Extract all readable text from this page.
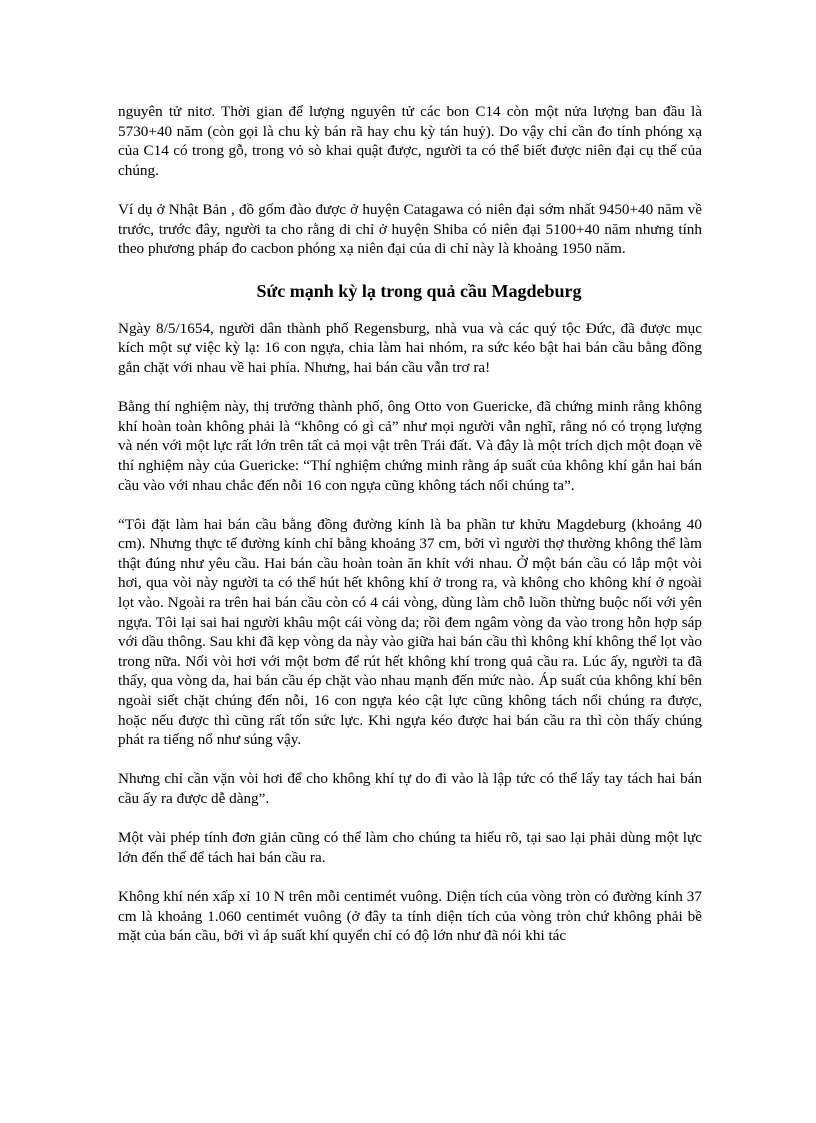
nguyên tử nitơ. Thời gian để lượng nguyên tử các bon C14 còn một nửa lượng ban đầu là 5730+40 năm (còn gọi là chu kỳ bán rã hay chu kỳ tán huỷ). Do vậy chỉ cần đo tính phóng xạ của C14 có trong gỗ, trong vỏ sò khai quật được, người ta có thể biết được niên đại cụ thể của chúng.

Ví dụ ở Nhật Bản , đồ gốm đào được ở huyện Catagawa có niên đại sớm nhất 9450+40 năm về trước, trước đây, người ta cho rằng di chỉ ở huyện Shiba có niên đại 5100+40 năm nhưng tính theo phương pháp đo cacbon phóng xạ niên đại của di chỉ này là khoảng 1950 năm.

Sức mạnh kỳ lạ trong quả cầu Magdeburg

Ngày 8/5/1654, người dân thành phố Regensburg, nhà vua và các quý tộc Đức, đã được mục kích một sự việc kỳ lạ: 16 con ngựa, chia làm hai nhóm, ra sức kéo bật hai bán cầu bằng đồng gắn chặt với nhau về hai phía. Nhưng, hai bán cầu vẫn trơ ra!

Bằng thí nghiệm này, thị trưởng thành phố, ông Otto von Guericke, đã chứng minh rằng không khí hoàn toàn không phải là “không có gì cả” như mọi người vẫn nghĩ, rằng nó có trọng lượng và nén với một lực rất lớn trên tất cả mọi vật trên Trái đất. Và đây là một trích dịch một đoạn về thí nghiệm này của Guericke: “Thí nghiệm chứng minh rằng áp suất của không khí gắn hai bán cầu vào với nhau chắc đến nỗi 16 con ngựa cũng không tách nổi chúng ta”.

“Tôi đặt làm hai bán cầu bằng đồng đường kính là ba phần tư khửu Magdeburg (khoảng 40 cm). Nhưng thực tế đường kính chỉ bằng khoảng 37 cm, bởi vì người thợ thường không thể làm thật đúng như yêu cầu. Hai bán cầu hoàn toàn ăn khít với nhau. Ở một bán cầu có lắp một vòi hơi, qua vòi này người ta có thể hút hết không khí ở trong ra, và không cho không khí ở ngoài lọt vào. Ngoài ra trên hai bán cầu còn có 4 cái vòng, dùng làm chỗ luồn thừng buộc nối với yên ngựa. Tôi lại sai hai người khâu một cái vòng da; rồi đem ngâm vòng da vào trong hỗn hợp sáp với dầu thông. Sau khi đã kẹp vòng da này vào giữa hai bán cầu thì không khí không thể lọt vào trong nữa. Nối vòi hơi với một bơm để rút hết không khí trong quả cầu ra. Lúc ấy, người ta đã thấy, qua vòng da, hai bán cầu ép chặt vào nhau mạnh đến mức nào. Áp suất của không khí bên ngoài siết chặt chúng đến nỗi, 16 con ngựa kéo cật lực cũng không tách nổi chúng ra được, hoặc nếu được thì cũng rất tốn sức lực. Khi ngựa kéo được hai bán cầu ra thì còn thấy chúng phát ra tiếng nổ như súng vậy.

Nhưng chỉ cần vặn vòi hơi để cho không khí tự do đi vào là lập tức có thể lấy tay tách hai bán cầu ấy ra được dễ dàng”.

Một vài phép tính đơn giản cũng có thể làm cho chúng ta hiểu rõ, tại sao lại phải dùng một lực lớn đến thế để tách hai bán cầu ra.

Không khí nén xấp xỉ 10 N trên mỗi centimét vuông. Diện tích của vòng tròn có đường kính 37 cm là khoảng 1.060 centimét vuông (ở đây ta tính diện tích của vòng tròn chứ không phải bề mặt của bán cầu, bởi vì áp suất khí quyển chỉ có độ lớn như đã nói khi tác
